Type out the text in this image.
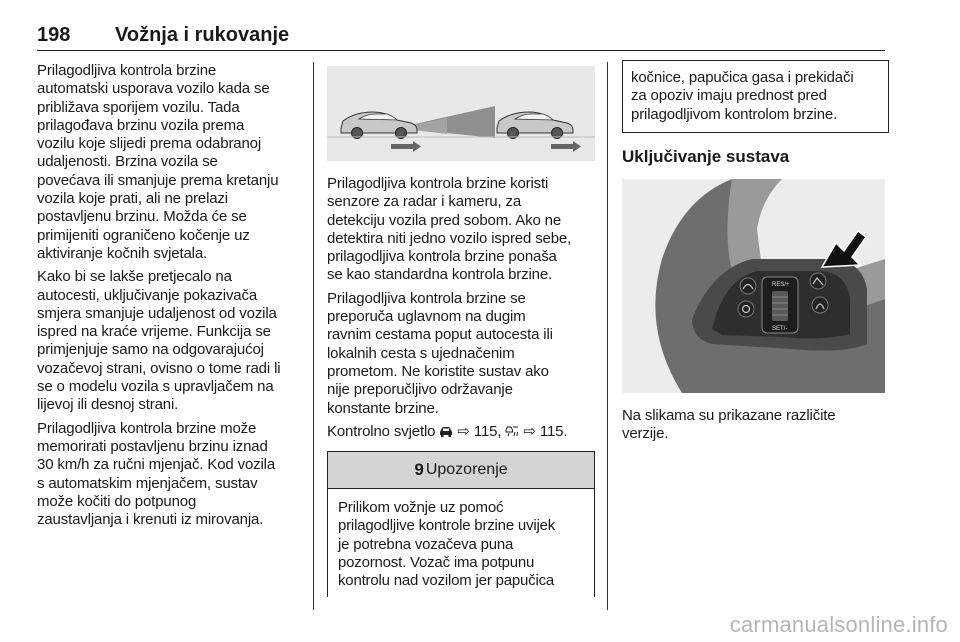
198 Vožnja i rukovanje

Prilagodljiva kontrola brzine
automatski usporava vozilo kada se
približava sporijem vozilu. Tada
prilagođava brzinu vozila prema
vozilu koje slijedi prema odabranoj
udaljenosti. Brzina vozila se
povećava ili smanjuje prema kretanju
vozila koje prati, ali ne prelazi
postavljenu brzinu. Možda će se
primijeniti ograničeno kočenje uz
aktiviranje kočnih svjetala.

Kako bi se lakše pretjecalo na
autocesti, uključivanje pokazivača
smjera smanjuje udaljenost od vozila
ispred na kraće vrijeme. Funkcija se
primjenjuje samo na odgovarajućoj
vozačevoj strani, ovisno o tome radi li
se o modelu vozila s upravljačem na
lijevoj ili desnoj strani.

Prilagodljiva kontrola brzine može
memorirati postavljenu brzinu iznad
30 km/h za ručni mjenjač. Kod vozila
s automatskim mjenjačem, sustav
može kočiti do potpunog
zaustavljanja i krenuti iz mirovanja.

Prilagodljiva kontrola brzine koristi
senzore za radar i kameru, za
detekciju vozila pred sobom. Ako ne
detektira niti jedno vozilo ispred sebe,
prilagodljiva kontrola brzine ponaša
se kao standardna kontrola brzine.

Prilagodljiva kontrola brzine se
preporuča uglavnom na dugim
ravnim cestama poput autocesta ili
lokalnih cesta s ujednačenim
prometom. Ne koristite sustav ako
nije preporučljivo održavanje
konstante brzine.

Kontrolno svjetlo ⇨ 115, ⇨ 115.

9 Upozorenje

Prilikom vožnje uz pomoć
prilagodljive kontrole brzine uvijek
je potrebna vozačeva puna
pozornost. Vozač ima potpunu
kontrolu nad vozilom jer papučica

kočnice, papučica gasa i prekidači
za opoziv imaju prednost pred
prilagodljivom kontrolom brzine.

Uključivanje sustava
RES/+
SET/-

Na slikama su prikazane različite
verzije.

carmanualsonline.info
